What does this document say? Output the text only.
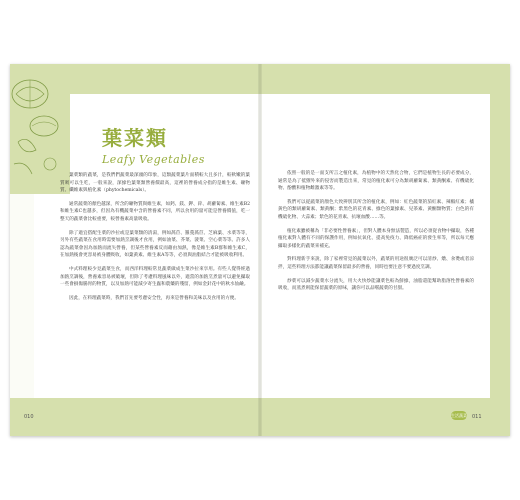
葉菜類
Leafy Vegetables

葉菜類的蔬菜，是我們們蔬菜最深頭的印象，這類蔬菜葉片面積較大且多汁，較軟嫩的葉質吸可以生吃，一般來說，深綠色葉菜類營養價最高，這裡的營養成分指的是維生素、礦物質、纖維素與植化素（phytochemicals）。

通常蔬菜的顏色越深，所含的礦物質與維生素，如鈣、鎂、鉀、鋅、胡蘿蔔素、維生素B2和維生素C也越多，但因為有機蔬菜中含的營養素不同，所以食用的量可能是營養價值，吃一整天的蔬菜會比較重要，較營養素高量吸收。

除了適宜搭配生菜的沙拉或是葉菜類的清湯，例如萵苣、羅蔓萵苣、芝麻葉、水菜等等，另外有些蔬菜在食用時需要加熱烹調後才食用，例如油菜、芥菜、菠菜、空心菜等等。許多人認為蔬菜會因為加熱而流失營養，但某些營養素反而藉由加熱，像是維生素B群和維生素C，在加熱後會更容易被身體吸收，如葉黃素、維生素A等等，必須與油脂結合才能被吸收利用。

中式料理較少見蔬菜生食，而西洋料理較常見蔬菜做成生菜沙拉來享用。有些人覺得經過加熱烹調後，營養素容易被破壞，但除了考慮料理風味以外，適當的加熱烹煮量可以避免攝取一些會損傷腸胃的物質，以及加熱可能減少寄生蟲和農藥的殘留，例如金針花中的秋水仙鹼。

因此，在料理蔬菜時，我們首先要考慮安全性，再來是營養和美味以及食用的方便。

依照一般的是一面支所言之植化素，為植物中的天然化合物，它們是植物生長的必要成分，通常是為了抵禦外來的侵害而製造出來，常見的植化素可分為類胡蘿蔔素、類黃酮素、有機硫化物、酚酸和植物雌激素等等。

我們可以從蔬菜的顏色大致辨別其所含的植化素，例如：紅色蔬菜的茄紅素、辣椒紅素；橘黃色的類胡蘿蔔素、類黃酮；紫黑色的花青素、綠色的葉綠素、兒茶素、黃酮類物質；白色的有機硫化物、大蒜素；紫色的花青素、抗壞血酸……等。

植化素雖被稱為「非必要性營養素」，但對人體本身無法製造，所以必須從食物中攝取，各種植化素對人體有不同的保護作用，例如抗氧化、提高免疫力、降低癌症的發生率等，所以每天應攝取多樣化的蔬菜來補充。

對料理新手來說，除了家裡常見的蔬菜以外，蔬菜的用途很廣泛可以清炒、燉、汆燙或者涼拌，這些料理方法都能讓蔬菜保留最多的營養，同時也要注意不要過度烹調。

炒菜可以減少蔬菜水分流失，用大火快炒能讓菜色較為鮮綠，油脂還能幫助脂溶性營養素的吸收，而蒸煮則能保留蔬菜的原味，讓你可以品嚐蔬菜的甘甜。

010	生活蔬菜 011
